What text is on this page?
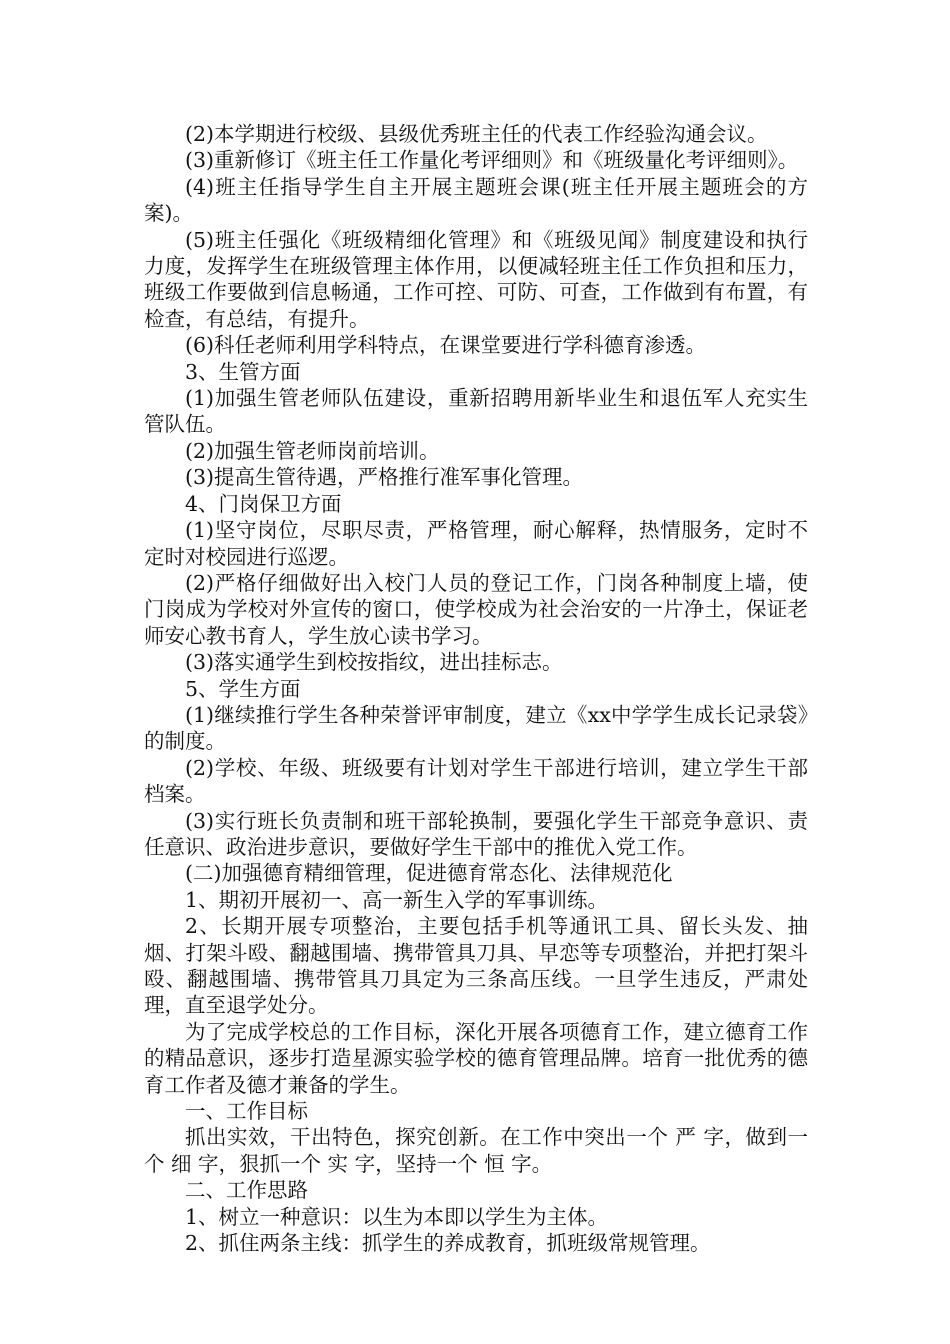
(2)本学期进行校级、县级优秀班主任的代表工作经验沟通会议。

(3)重新修订《班主任工作量化考评细则》和《班级量化考评细则》。

(4)班主任指导学生自主开展主题班会课(班主任开展主题班会的方案)。

(5)班主任强化《班级精细化管理》和《班级见闻》制度建设和执行力度，发挥学生在班级管理主体作用，以便减轻班主任工作负担和压力，班级工作要做到信息畅通，工作可控、可防、可查，工作做到有布置，有检查，有总结，有提升。

(6)科任老师利用学科特点，在课堂要进行学科德育渗透。

3、生管方面

(1)加强生管老师队伍建设，重新招聘用新毕业生和退伍军人充实生管队伍。

(2)加强生管老师岗前培训。

(3)提高生管待遇，严格推行准军事化管理。

4、门岗保卫方面

(1)坚守岗位，尽职尽责，严格管理，耐心解释，热情服务，定时不定时对校园进行巡逻。

(2)严格仔细做好出入校门人员的登记工作，门岗各种制度上墙，使门岗成为学校对外宣传的窗口，使学校成为社会治安的一片净土，保证老师安心教书育人，学生放心读书学习。

(3)落实通学生到校按指纹，进出挂标志。

5、学生方面

(1)继续推行学生各种荣誉评审制度，建立《xx中学学生成长记录袋》的制度。

(2)学校、年级、班级要有计划对学生干部进行培训，建立学生干部档案。

(3)实行班长负责制和班干部轮换制，要强化学生干部竞争意识、责任意识、政治进步意识，要做好学生干部中的推优入党工作。

(二)加强德育精细管理，促进德育常态化、法律规范化

1、期初开展初一、高一新生入学的军事训练。

2、长期开展专项整治，主要包括手机等通讯工具、留长头发、抽烟、打架斗殴、翻越围墙、携带管具刀具、早恋等专项整治，并把打架斗殴、翻越围墙、携带管具刀具定为三条高压线。一旦学生违反，严肃处理，直至退学处分。

为了完成学校总的工作目标，深化开展各项德育工作，建立德育工作的精品意识，逐步打造星源实验学校的德育管理品牌。培育一批优秀的德育工作者及德才兼备的学生。

一、工作目标

抓出实效，干出特色，探究创新。在工作中突出一个 严 字，做到一个 细 字，狠抓一个 实 字，坚持一个 恒 字。

二、工作思路

1、树立一种意识：以生为本即以学生为主体。

2、抓住两条主线：抓学生的养成教育，抓班级常规管理。
